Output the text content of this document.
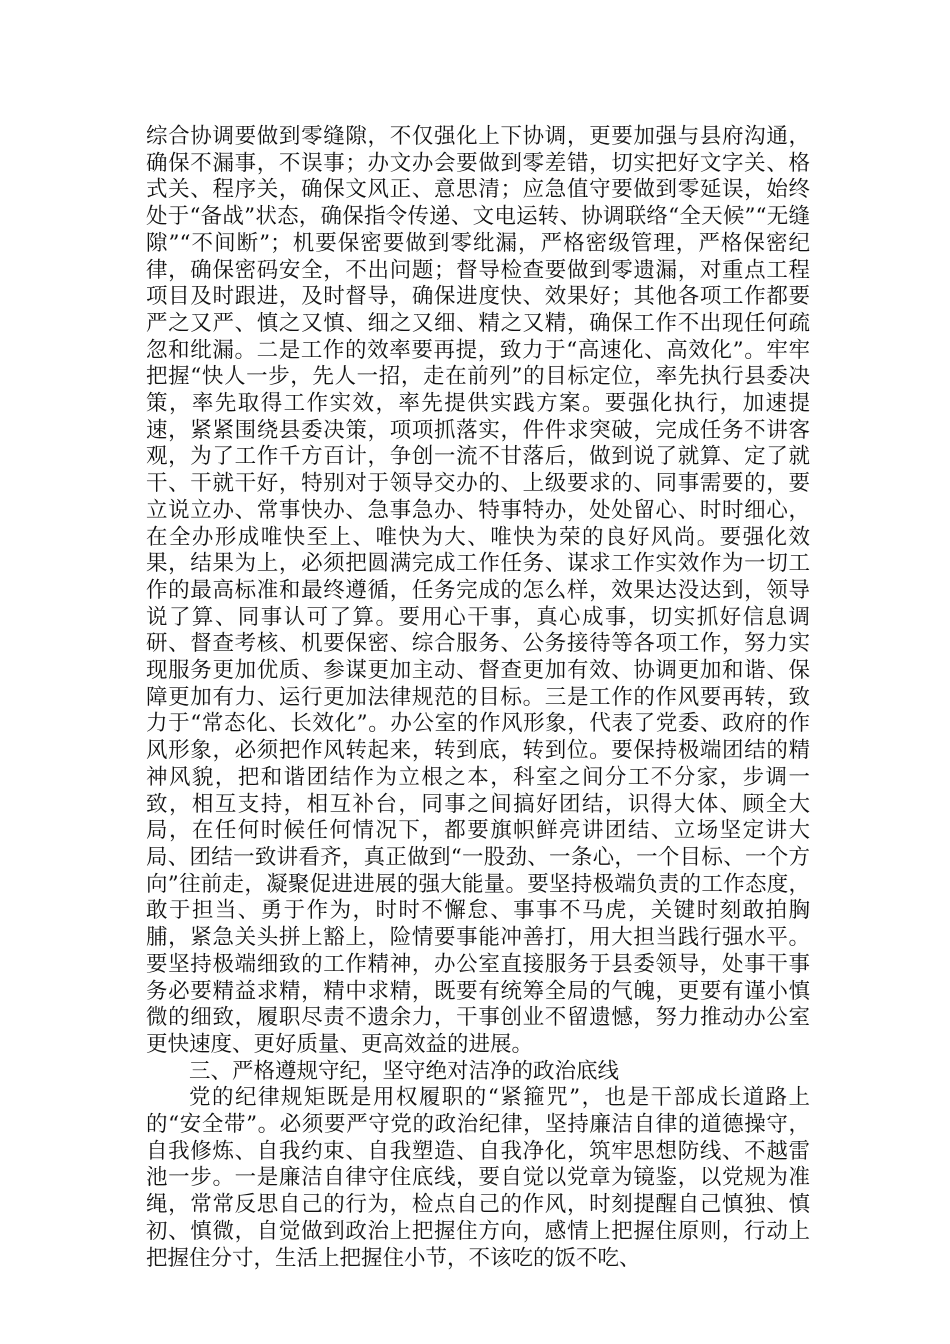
综合协调要做到零缝隙，不仅强化上下协调，更要加强与县府沟通，确保不漏事，不误事；办文办会要做到零差错，切实把好文字关、格式关、程序关，确保文风正、意思清；应急值守要做到零延误，始终处于“备战”状态，确保指令传递、文电运转、协调联络“全天候”“无缝隙”“不间断”；机要保密要做到零纰漏，严格密级管理，严格保密纪律，确保密码安全，不出问题；督导检查要做到零遗漏，对重点工程项目及时跟进，及时督导，确保进度快、效果好；其他各项工作都要严之又严、慎之又慎、细之又细、精之又精，确保工作不出现任何疏忽和纰漏。二是工作的效率要再提，致力于“高速化、高效化”。牢牢把握“快人一步，先人一招，走在前列”的目标定位，率先执行县委决策，率先取得工作实效，率先提供实践方案。要强化执行，加速提速，紧紧围绕县委决策，项项抓落实，件件求突破，完成任务不讲客观，为了工作千方百计，争创一流不甘落后，做到说了就算、定了就干、干就干好，特别对于领导交办的、上级要求的、同事需要的，要立说立办、常事快办、急事急办、特事特办，处处留心、时时细心，在全办形成唯快至上、唯快为大、唯快为荣的良好风尚。要强化效果，结果为上，必须把圆满完成工作任务、谋求工作实效作为一切工作的最高标准和最终遵循，任务完成的怎么样，效果达没达到，领导说了算、同事认可了算。要用心干事，真心成事，切实抓好信息调研、督查考核、机要保密、综合服务、公务接待等各项工作，努力实现服务更加优质、参谋更加主动、督查更加有效、协调更加和谐、保障更加有力、运行更加法律规范的目标。三是工作的作风要再转，致力于“常态化、长效化”。办公室的作风形象，代表了党委、政府的作风形象，必须把作风转起来，转到底，转到位。要保持极端团结的精神风貌，把和谐团结作为立根之本，科室之间分工不分家，步调一致，相互支持，相互补台，同事之间搞好团结，识得大体、顾全大局，在任何时候任何情况下，都要旗帜鲜亮讲团结、立场坚定讲大局、团结一致讲看齐，真正做到“一股劲、一条心，一个目标、一个方向”往前走，凝聚促进进展的强大能量。要坚持极端负责的工作态度，敢于担当、勇于作为，时时不懈怠、事事不马虎，关键时刻敢拍胸脯，紧急关头拼上豁上，险情要事能冲善打，用大担当践行强水平。要坚持极端细致的工作精神，办公室直接服务于县委领导，处事干事务必要精益求精，精中求精，既要有统筹全局的气魄，更要有谨小慎微的细致，履职尽责不遗余力，干事创业不留遗憾，努力推动办公室更快速度、更好质量、更高效益的进展。

三、严格遵规守纪，坚守绝对洁净的政治底线

党的纪律规矩既是用权履职的“紧箍咒”，也是干部成长道路上的“安全带”。必须要严守党的政治纪律，坚持廉洁自律的道德操守，自我修炼、自我约束、自我塑造、自我净化，筑牢思想防线、不越雷池一步。一是廉洁自律守住底线，要自觉以党章为镜鉴，以党规为准绳，常常反思自己的行为，检点自己的作风，时刻提醒自己慎独、慎初、慎微，自觉做到政治上把握住方向，感情上把握住原则，行动上把握住分寸，生活上把握住小节，不该吃的饭不吃、
